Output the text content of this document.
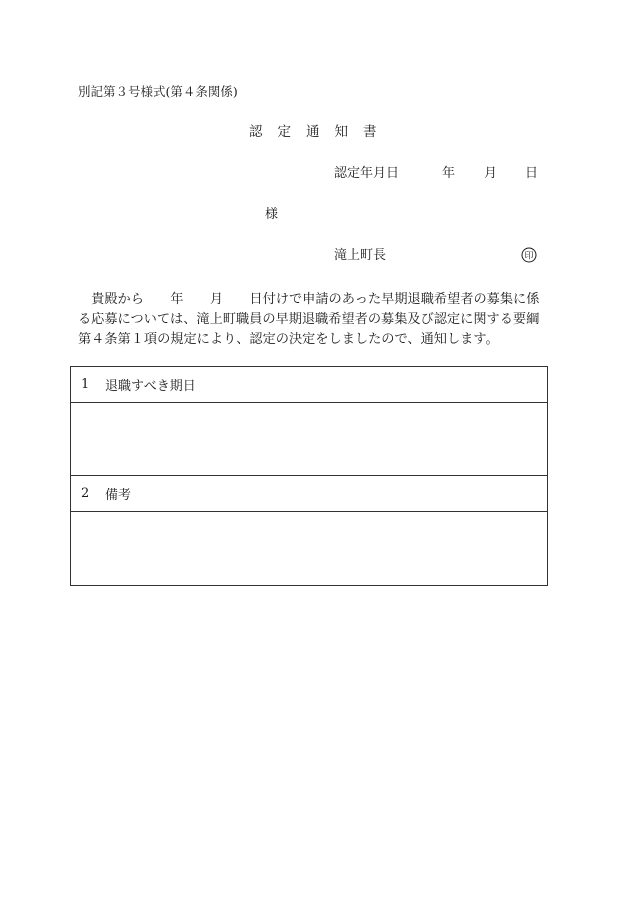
別記第３号様式(第４条関係)
認 定 通 知 書
認定年月日	年 月 日
様
滝上町長	印
　貴殿から　　年　　月　　日付けで申請のあった早期退職希望者の募集に係
る応募については、滝上町職員の早期退職希望者の募集及び認定に関する要綱
第４条第１項の規定により、認定の決定をしましたので、通知します。
1	退職すべき期日
2	備考
